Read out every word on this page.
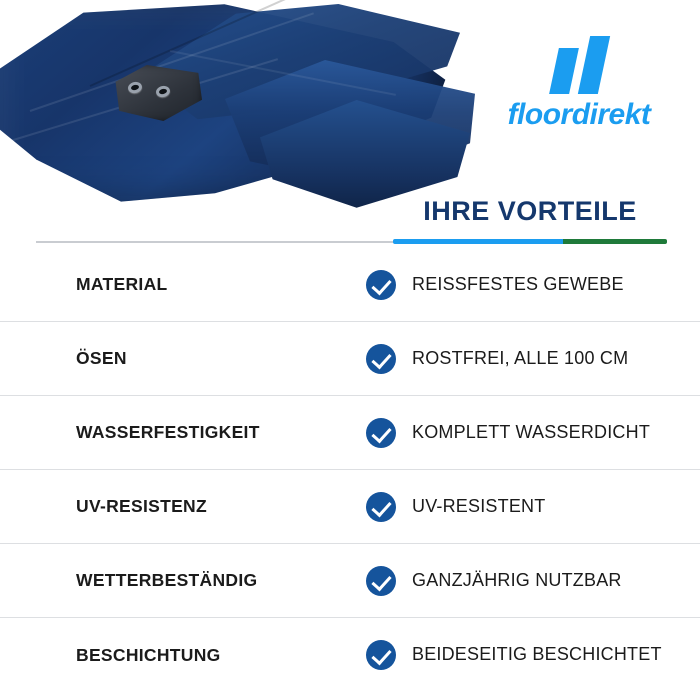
floordirekt
IHRE VORTEILE
MATERIAL	REISSFESTES GEWEBE
ÖSEN	ROSTFREI, ALLE 100 CM
WASSERFESTIGKEIT	KOMPLETT WASSERDICHT
UV-RESISTENZ	UV-RESISTENT
WETTERBESTÄNDIG	GANZJÄHRIG NUTZBAR
BESCHICHTUNG	BEIDESEITIG BESCHICHTET
